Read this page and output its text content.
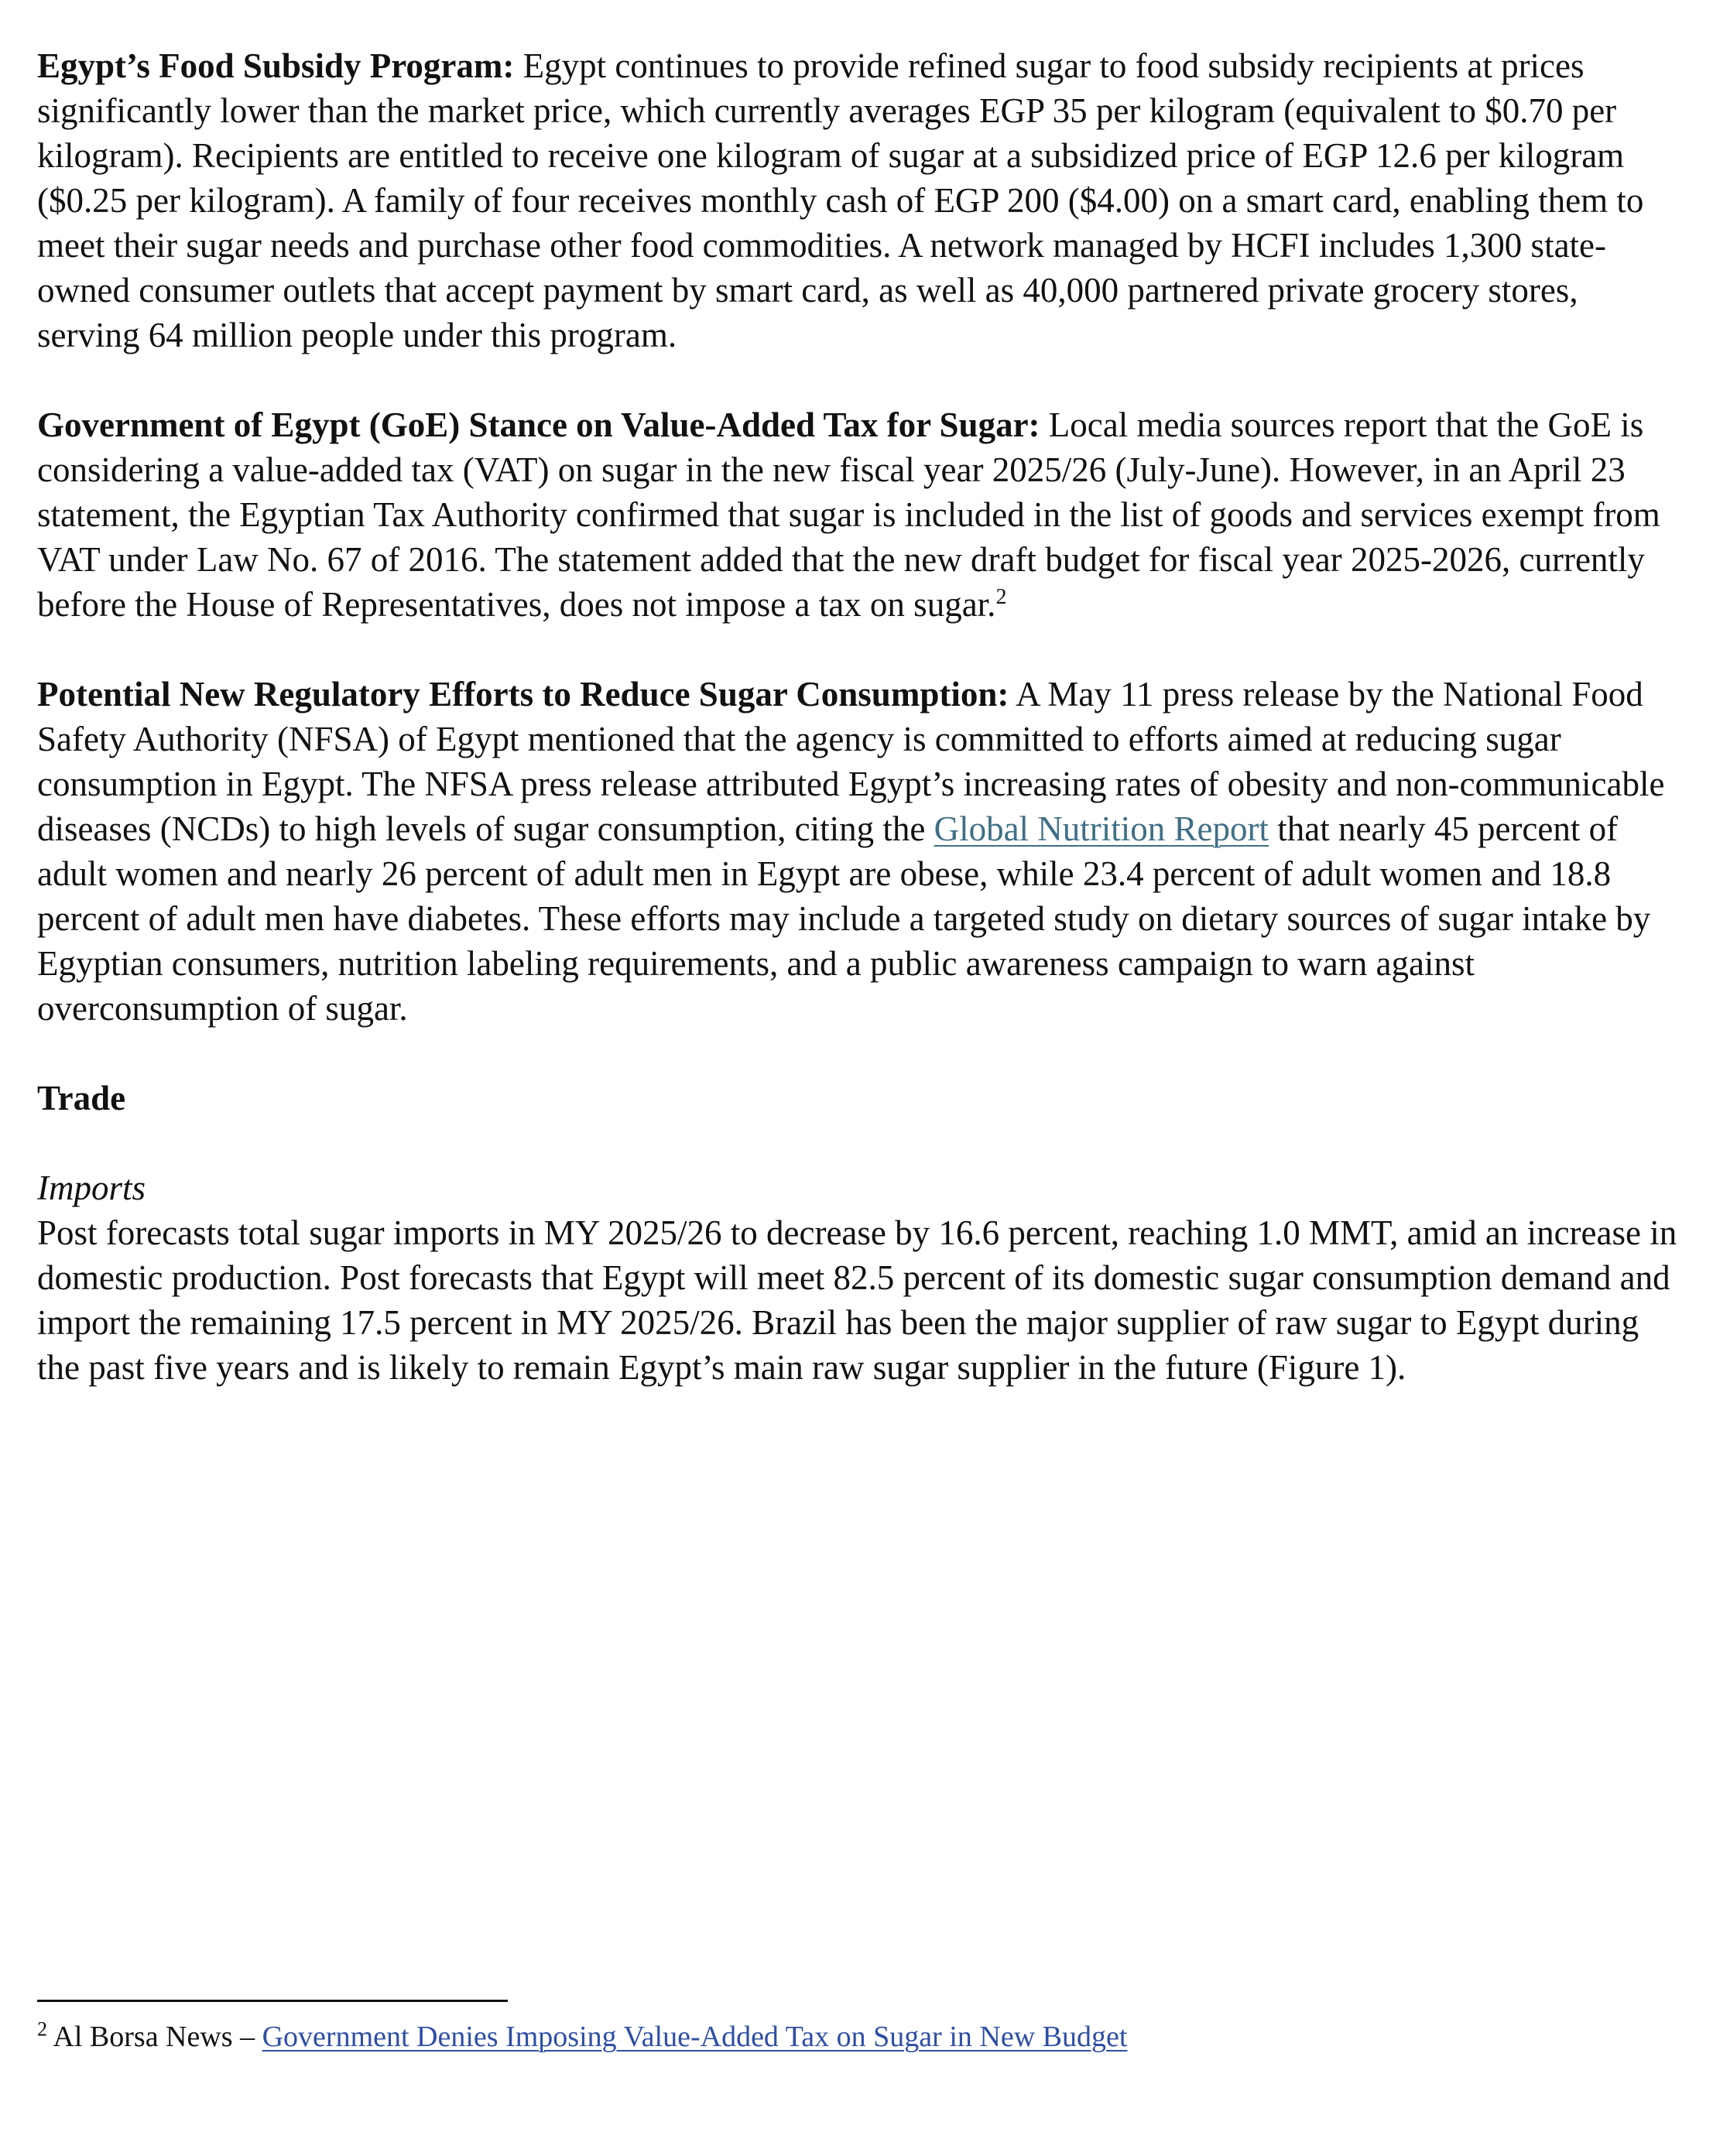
Egypt’s Food Subsidy Program: Egypt continues to provide refined sugar to food subsidy recipients at prices significantly lower than the market price, which currently averages EGP 35 per kilogram (equivalent to $0.70 per kilogram). Recipients are entitled to receive one kilogram of sugar at a subsidized price of EGP 12.6 per kilogram ($0.25 per kilogram). A family of four receives monthly cash of EGP 200 ($4.00) on a smart card, enabling them to meet their sugar needs and purchase other food commodities. A network managed by HCFI includes 1,300 state-owned consumer outlets that accept payment by smart card, as well as 40,000 partnered private grocery stores, serving 64 million people under this program.

Government of Egypt (GoE) Stance on Value-Added Tax for Sugar: Local media sources report that the GoE is considering a value-added tax (VAT) on sugar in the new fiscal year 2025/26 (July-June). However, in an April 23 statement, the Egyptian Tax Authority confirmed that sugar is included in the list of goods and services exempt from VAT under Law No. 67 of 2016. The statement added that the new draft budget for fiscal year 2025-2026, currently before the House of Representatives, does not impose a tax on sugar.$^2$

Potential New Regulatory Efforts to Reduce Sugar Consumption: A May 11 press release by the National Food Safety Authority (NFSA) of Egypt mentioned that the agency is committed to efforts aimed at reducing sugar consumption in Egypt. The NFSA press release attributed Egypt’s increasing rates of obesity and non-communicable diseases (NCDs) to high levels of sugar consumption, citing the Global Nutrition Report that nearly 45 percent of adult women and nearly 26 percent of adult men in Egypt are obese, while 23.4 percent of adult women and 18.8 percent of adult men have diabetes. These efforts may include a targeted study on dietary sources of sugar intake by Egyptian consumers, nutrition labeling requirements, and a public awareness campaign to warn against overconsumption of sugar.

Trade

Imports

Post forecasts total sugar imports in MY 2025/26 to decrease by 16.6 percent, reaching 1.0 MMT, amid an increase in domestic production. Post forecasts that Egypt will meet 82.5 percent of its domestic sugar consumption demand and import the remaining 17.5 percent in MY 2025/26. Brazil has been the major supplier of raw sugar to Egypt during the past five years and is likely to remain Egypt’s main raw sugar supplier in the future (Figure 1).

$^2$ Al Borsa News – Government Denies Imposing Value-Added Tax on Sugar in New Budget
